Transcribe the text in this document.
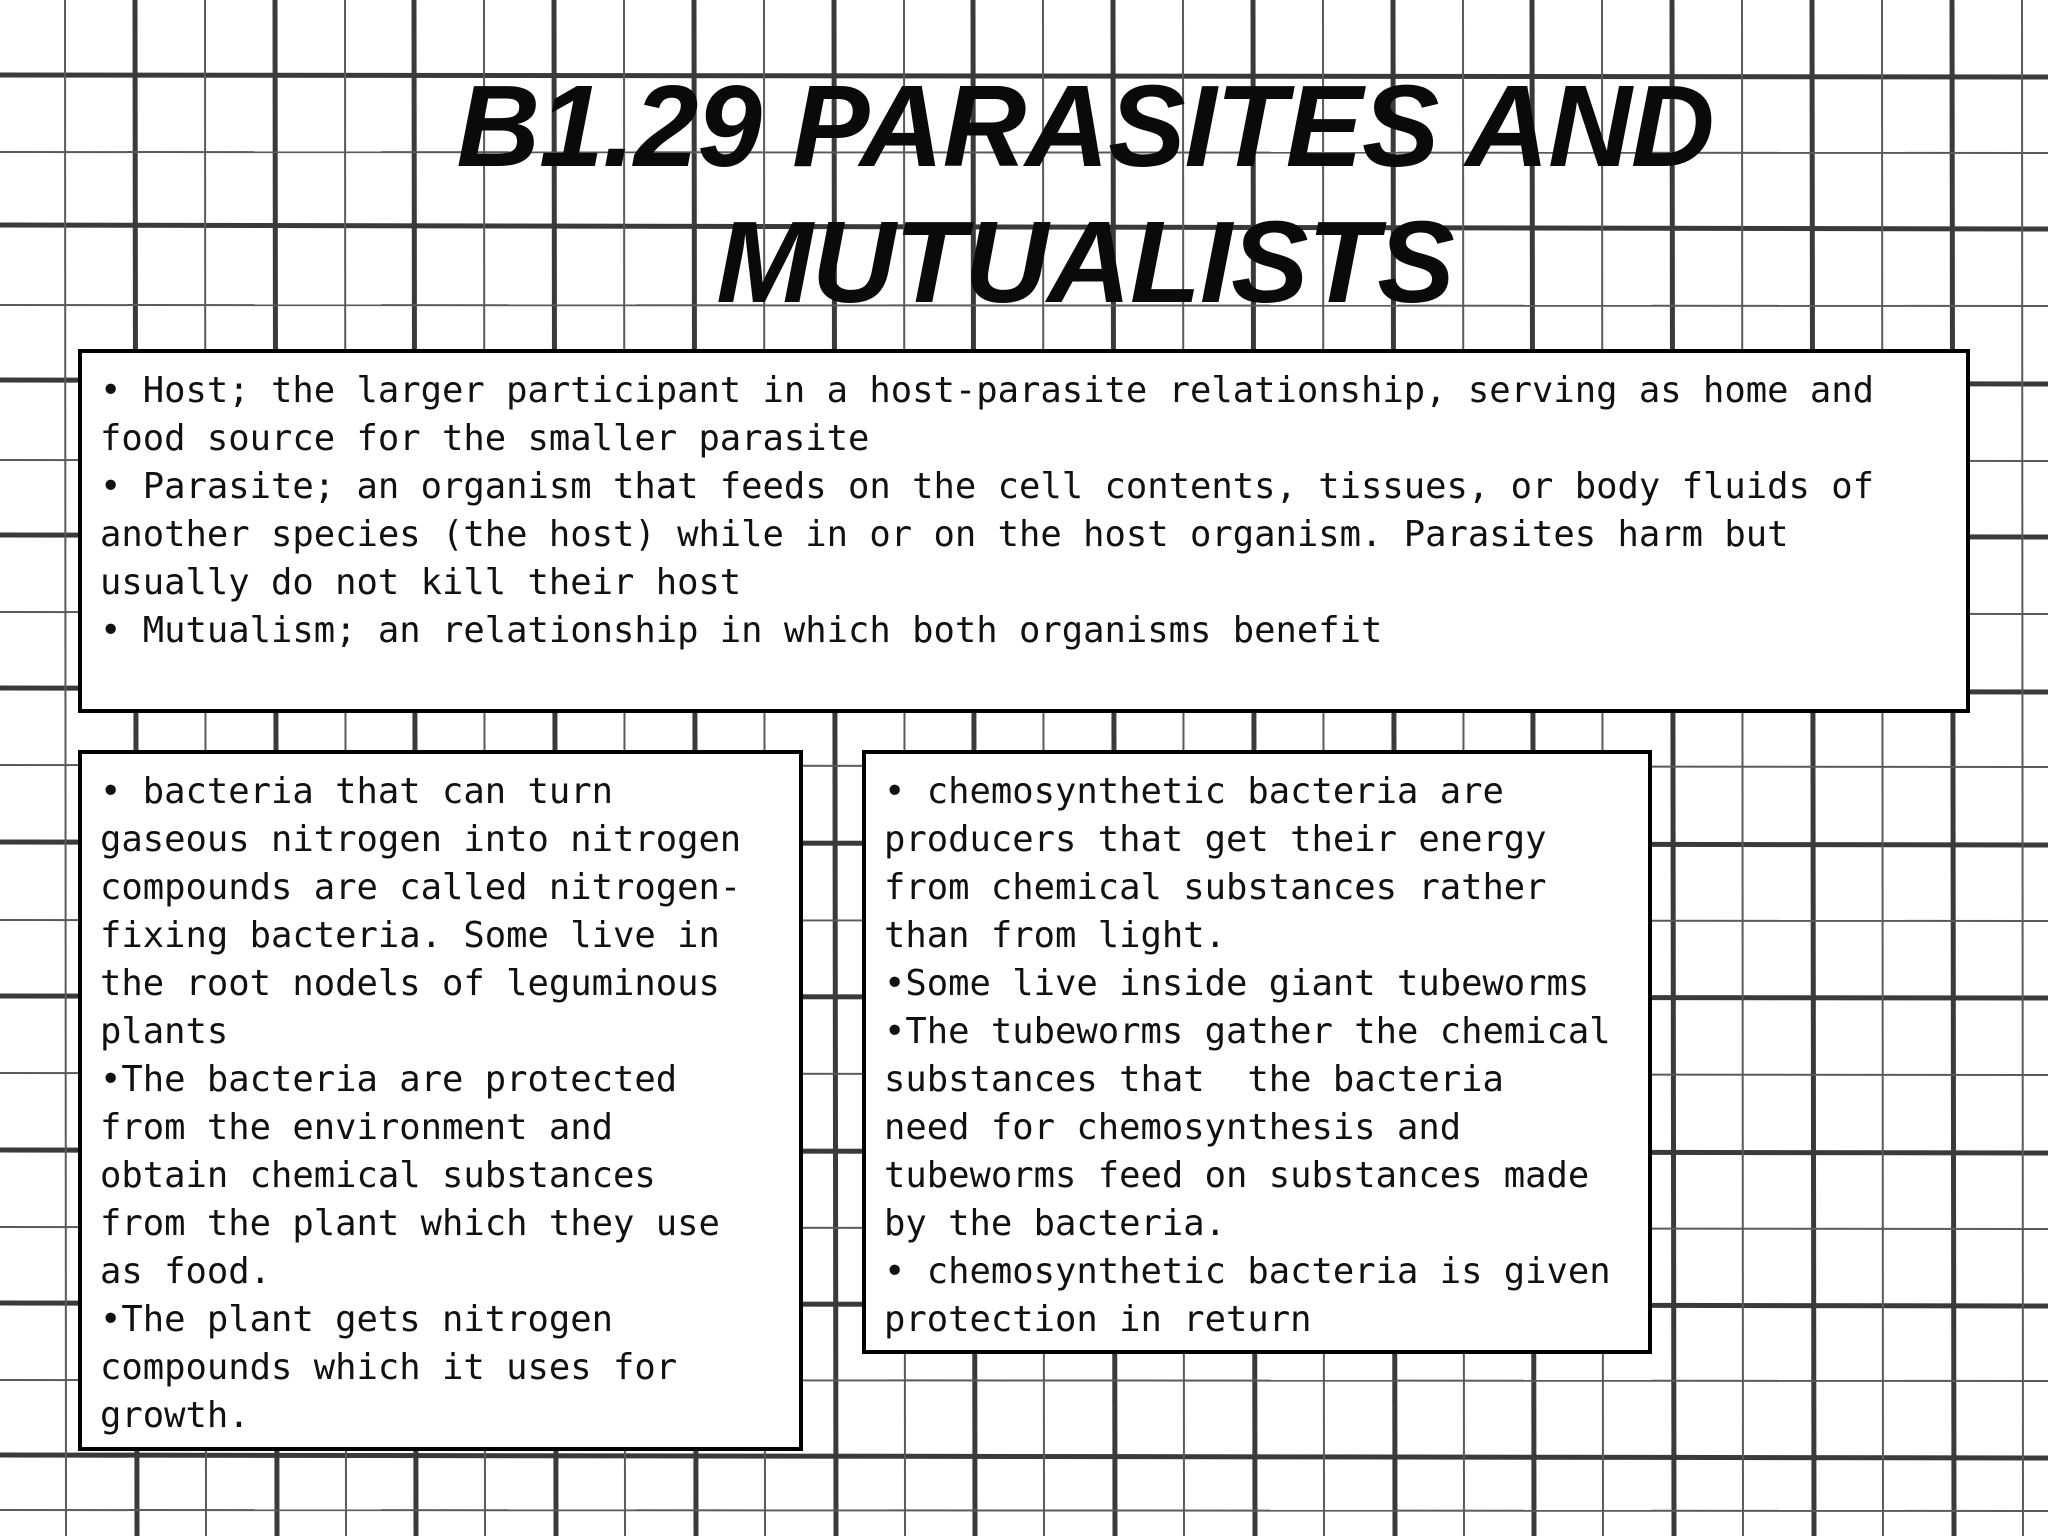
B1.29 PARASITES AND
MUTUALISTS

• Host; the larger participant in a host-parasite relationship, serving as home and

food source for the smaller parasite

• Parasite; an organism that feeds on the cell contents, tissues, or body fluids of

another species (the host) while in or on the host organism. Parasites harm but

usually do not kill their host

• Mutualism; an relationship in which both organisms benefit

• bacteria that can turn

gaseous nitrogen into nitrogen

compounds are called nitrogen-

fixing bacteria. Some live in

the root nodels of leguminous

plants

•The bacteria are protected

from the environment and

obtain chemical substances

from the plant which they use

as food.

•The plant gets nitrogen

compounds which it uses for

growth.

• chemosynthetic bacteria are

producers that get their energy

from chemical substances rather

than from light.

•Some live inside giant tubeworms

•The tubeworms gather the chemical

substances that  the bacteria

need for chemosynthesis and

tubeworms feed on substances made

by the bacteria.

• chemosynthetic bacteria is given

protection in return
